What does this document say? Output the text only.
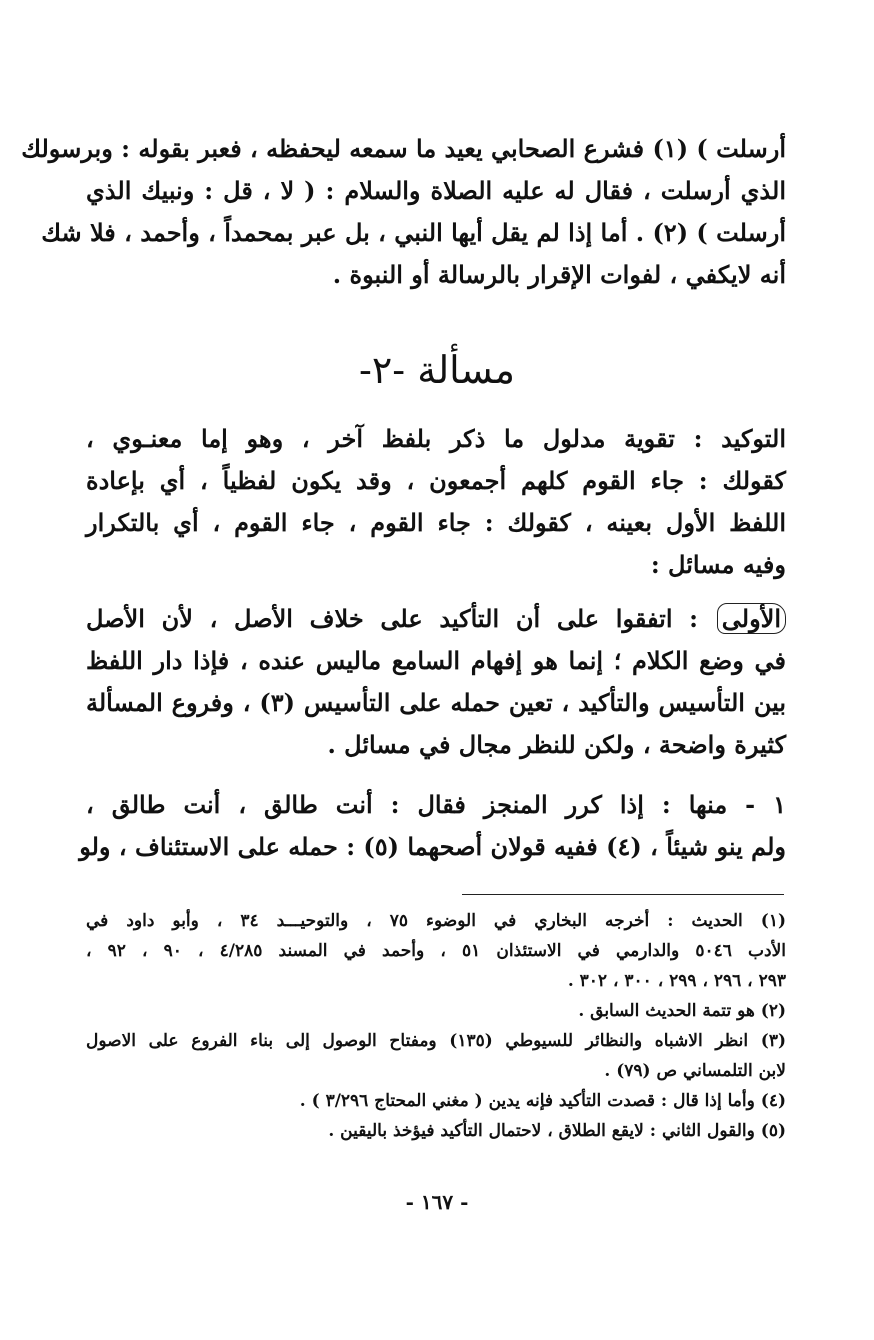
أرسلت ) (١) فشرع الصحابي يعيد ما سمعه ليحفظه ، فعبر بقوله : وبرسولك
الذي أرسلت ، فقال له عليه الصلاة والسلام : ( لا ، قل : ونبيك الذي
أرسلت ) (٢) . أما إذا لم يقل أيها النبي ، بل عبر بمحمداً ، وأحمد ، فلا شك
أنه لايكفي ، لفوات الإقرار بالرسالة أو النبوة .
مسألة -٢-
التوكيد : تقوية مدلول ما ذكر بلفظ آخر ، وهو إما معنـوي ،
كقولك : جاء القوم كلهم أجمعون ، وقد يكون لفظياً ، أي بإعادة
اللفظ الأول بعينه ، كقولك : جاء القوم ، جاء القوم ، أي بالتكرار
وفيه مسائل :
الأولى : اتفقوا على أن التأكيد على خلاف الأصل ، لأن الأصل
في وضع الكلام ؛ إنما هو إفهام السامع ماليس عنده ، فإذا دار اللفظ
بين التأسيس والتأكيد ، تعين حمله على التأسيس (٣) ، وفروع المسألة
كثيرة واضحة ، ولكن للنظر مجال في مسائل .
١ - منها : إذا كرر المنجز فقال : أنت طالق ، أنت طالق ،
ولم ينو شيئاً ، (٤) ففيه قولان أصحهما (٥) : حمله على الاستئناف ، ولو
(١) الحديث : أخرجه البخاري في الوضوء ٧٥ ، والتوحيـــد ٣٤ ، وأبو داود في
الأدب ٥٠٤٦ والدارمي في الاستئذان ٥١ ، وأحمد في المسند ٤/٢٨٥ ، ٩٠ ، ٩٢ ،
٢٩٣ ، ٢٩٦ ، ٢٩٩ ، ٣٠٠ ، ٣٠٢ .
(٢) هو تتمة الحديث السابق .
(٣) انظر الاشباه والنظائر للسيوطي (١٣٥) ومفتاح الوصول إلى بناء الفروع على الاصول
لابن التلمساني ص (٧٩) .
(٤) وأما إذا قال : قصدت التأكيد فإنه يدين ( مغني المحتاج ٣/٢٩٦ ) .
(٥) والقول الثاني : لايقع الطلاق ، لاحتمال التأكيد فيؤخذ باليقين .
- ١٦٧ -
